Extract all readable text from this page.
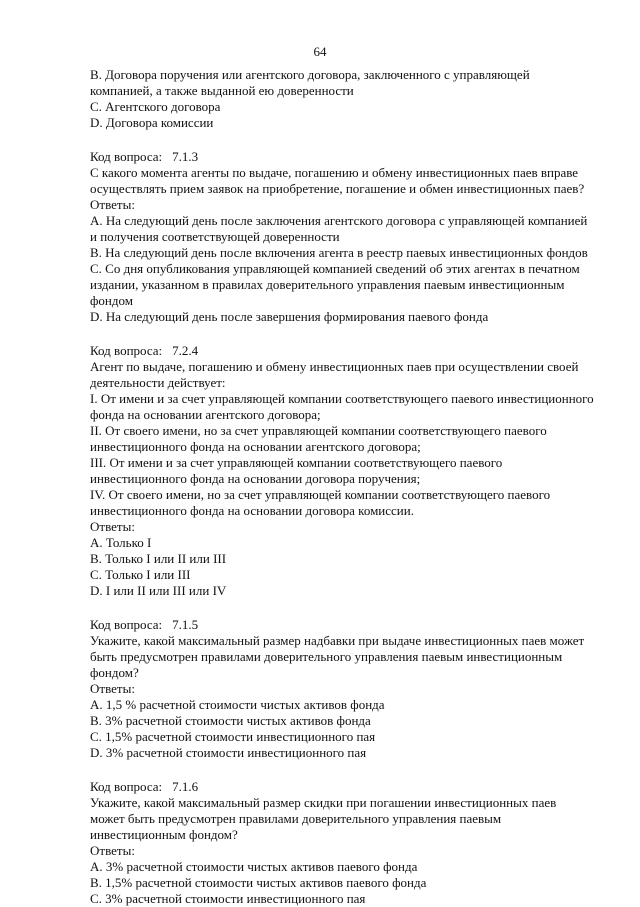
64
B. Договора поручения или агентского договора, заключенного с управляющей
компанией, а также выданной ею доверенности
C. Агентского договора
D. Договора комиссии
Код вопроса: 7.1.3
С какого момента агенты по выдаче, погашению и обмену инвестиционных паев вправе
осуществлять прием заявок на приобретение, погашение и обмен инвестиционных паев?
Ответы:
A. На следующий день после заключения агентского договора с управляющей компанией
и получения соответствующей доверенности
B. На следующий день после включения агента в реестр паевых инвестиционных фондов
C. Со дня опубликования управляющей компанией сведений об этих агентах в печатном
издании, указанном в правилах доверительного управления паевым инвестиционным
фондом
D. На следующий день после завершения формирования паевого фонда
Код вопроса: 7.2.4
Агент по выдаче, погашению и обмену инвестиционных паев при осуществлении своей
деятельности действует:
I. От имени и за счет управляющей компании соответствующего паевого инвестиционного
фонда на основании агентского договора;
II. От своего имени, но за счет управляющей компании соответствующего паевого
инвестиционного фонда на основании агентского договора;
III. От имени и за счет управляющей компании соответствующего паевого
инвестиционного фонда на основании договора поручения;
IV. От своего имени, но за счет управляющей компании соответствующего паевого
инвестиционного фонда на основании договора комиссии.
Ответы:
A. Только I
B. Только I или II или III
C. Только I или III
D. I или II или III или IV
Код вопроса: 7.1.5
Укажите, какой максимальный размер надбавки при выдаче инвестиционных паев может
быть предусмотрен правилами доверительного управления паевым инвестиционным
фондом?
Ответы:
A. 1,5 % расчетной стоимости чистых активов фонда
B. 3% расчетной стоимости чистых активов фонда
C. 1,5% расчетной стоимости инвестиционного пая
D. 3% расчетной стоимости инвестиционного пая
Код вопроса: 7.1.6
Укажите, какой максимальный размер скидки при погашении инвестиционных паев
может быть предусмотрен правилами доверительного управления паевым
инвестиционным фондом?
Ответы:
A. 3% расчетной стоимости чистых активов паевого фонда
B. 1,5% расчетной стоимости чистых активов паевого фонда
C. 3% расчетной стоимости инвестиционного пая
